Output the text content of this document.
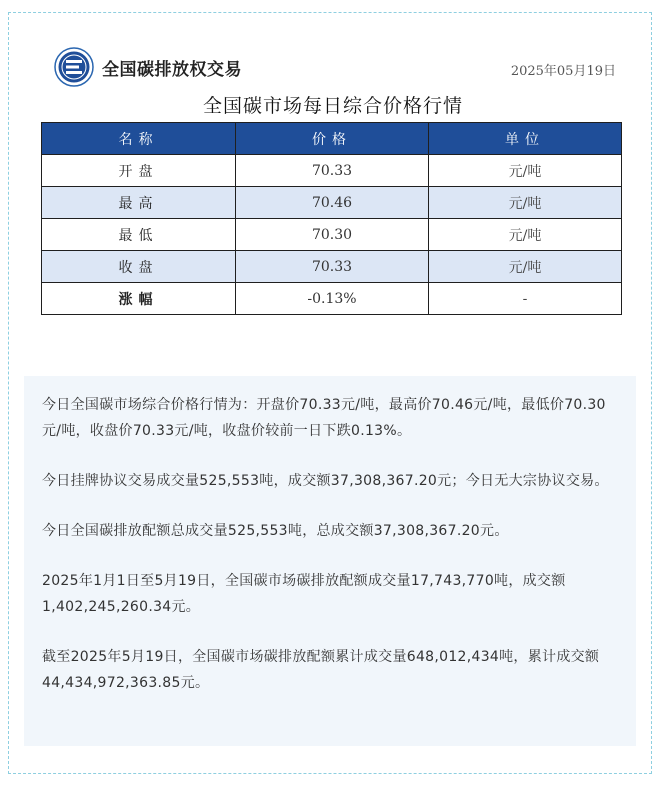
全国碳排放权交易	2025年05月19日
全国碳市场每日综合价格行情
名称	价格	单位
开盘	70.33	元/吨
最高	70.46	元/吨
最低	70.30	元/吨
收盘	70.33	元/吨
涨幅	-0.13%	-

今日全国碳市场综合价格行情为：开盘价70.33元/吨，最高价70.46元/吨，最低价70.30元/吨，收盘价70.33元/吨，收盘价较前一日下跌0.13%。

今日挂牌协议交易成交量525,553吨，成交额37,308,367.20元；今日无大宗协议交易。

今日全国碳排放配额总成交量525,553吨，总成交额37,308,367.20元。

2025年1月1日至5月19日，全国碳市场碳排放配额成交量17,743,770吨，成交额1,402,245,260.34元。

截至2025年5月19日，全国碳市场碳排放配额累计成交量648,012,434吨，累计成交额44,434,972,363.85元。
